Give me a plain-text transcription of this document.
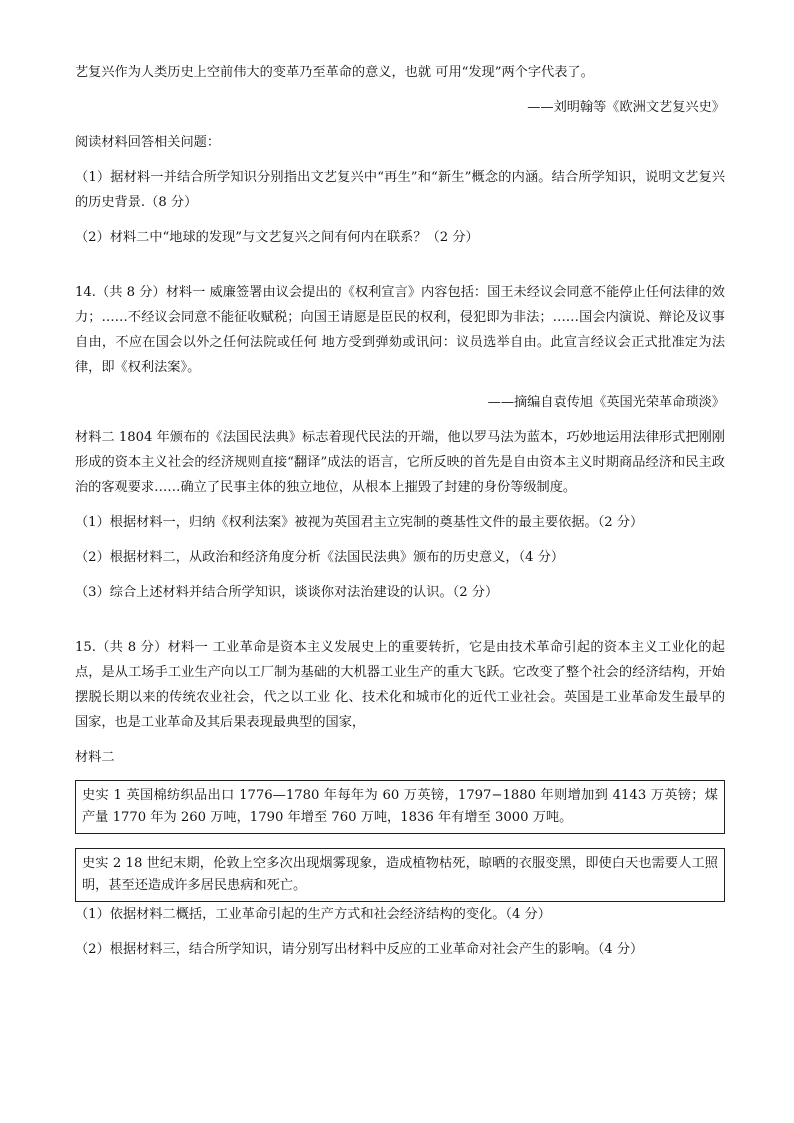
艺复兴作为人类历史上空前伟大的变革乃至革命的意义，也就 可用“发现”两个字代表了。

——刘明翰等《欧洲文艺复兴史》

阅读材料回答相关问题：

（1）据材料一并结合所学知识分别指出文艺复兴中“再生”和“新生”概念的内涵。结合所学知识，说明文艺复兴的历史背景.（8 分）

（2）材料二中“地球的发现”与文艺复兴之间有何内在联系？（2 分）

14.（共 8 分）材料一 威廉签署由议会提出的《权利宣言》内容包括：国王未经议会同意不能停止任何法律的效力；……不经议会同意不能征收赋税；向国王请愿是臣民的权利，侵犯即为非法；……国会内演说、辩论及议事自由，不应在国会以外之任何法院或任何 地方受到弹劾或讯问：议员选举自由。此宣言经议会正式批准定为法律，即《权利法案》。

——摘编自袁传旭《英国光荣革命琐淡》

材料二 1804 年颁布的《法国民法典》标志着现代民法的开端，他以罗马法为蓝本，巧妙地运用法律形式把刚刚形成的资本主义社会的经济规则直接“翻译”成法的语言，它所反映的首先是自由资本主义时期商品经济和民主政治的客观要求……确立了民事主体的独立地位，从根本上摧毁了封建的身份等级制度。

（1）根据材料一，归纳《权利法案》被视为英国君主立宪制的奠基性文件的最主要依据。（2 分）

（2）根据材料二，从政治和经济角度分析《法国民法典》颁布的历史意义，（4 分）

（3）综合上述材料并结合所学知识，谈谈你对法治建设的认识。（2 分）

15.（共 8 分）材料一 工业革命是资本主义发展史上的重要转折，它是由技术革命引起的资本主义工业化的起点，是从工场手工业生产向以工厂制为基础的大机器工业生产的重大飞跃。它改变了整个社会的经济结构，开始摆脱长期以来的传统农业社会，代之以工业 化、技术化和城市化的近代工业社会。英国是工业革命发生最早的国家，也是工业革命及其后果表现最典型的国家，

材料二

史实 1 英国棉纺织品出口 1776—1780 年每年为 60 万英镑，1797−1880 年则增加到 4143 万英镑；煤产量 1770 年为 260 万吨，1790 年增至 760 万吨，1836 年有增至 3000 万吨。
史实 2 18 世纪末期，伦敦上空多次出现烟雾现象，造成植物枯死，晾晒的衣服变黑，即使白天也需要人工照明，甚至还造成许多居民患病和死亡。

（1）依据材料二概括，工业革命引起的生产方式和社会经济结构的变化。（4 分）

（2）根据材料三，结合所学知识，请分别写出材料中反应的工业革命对社会产生的影响。（4 分）
